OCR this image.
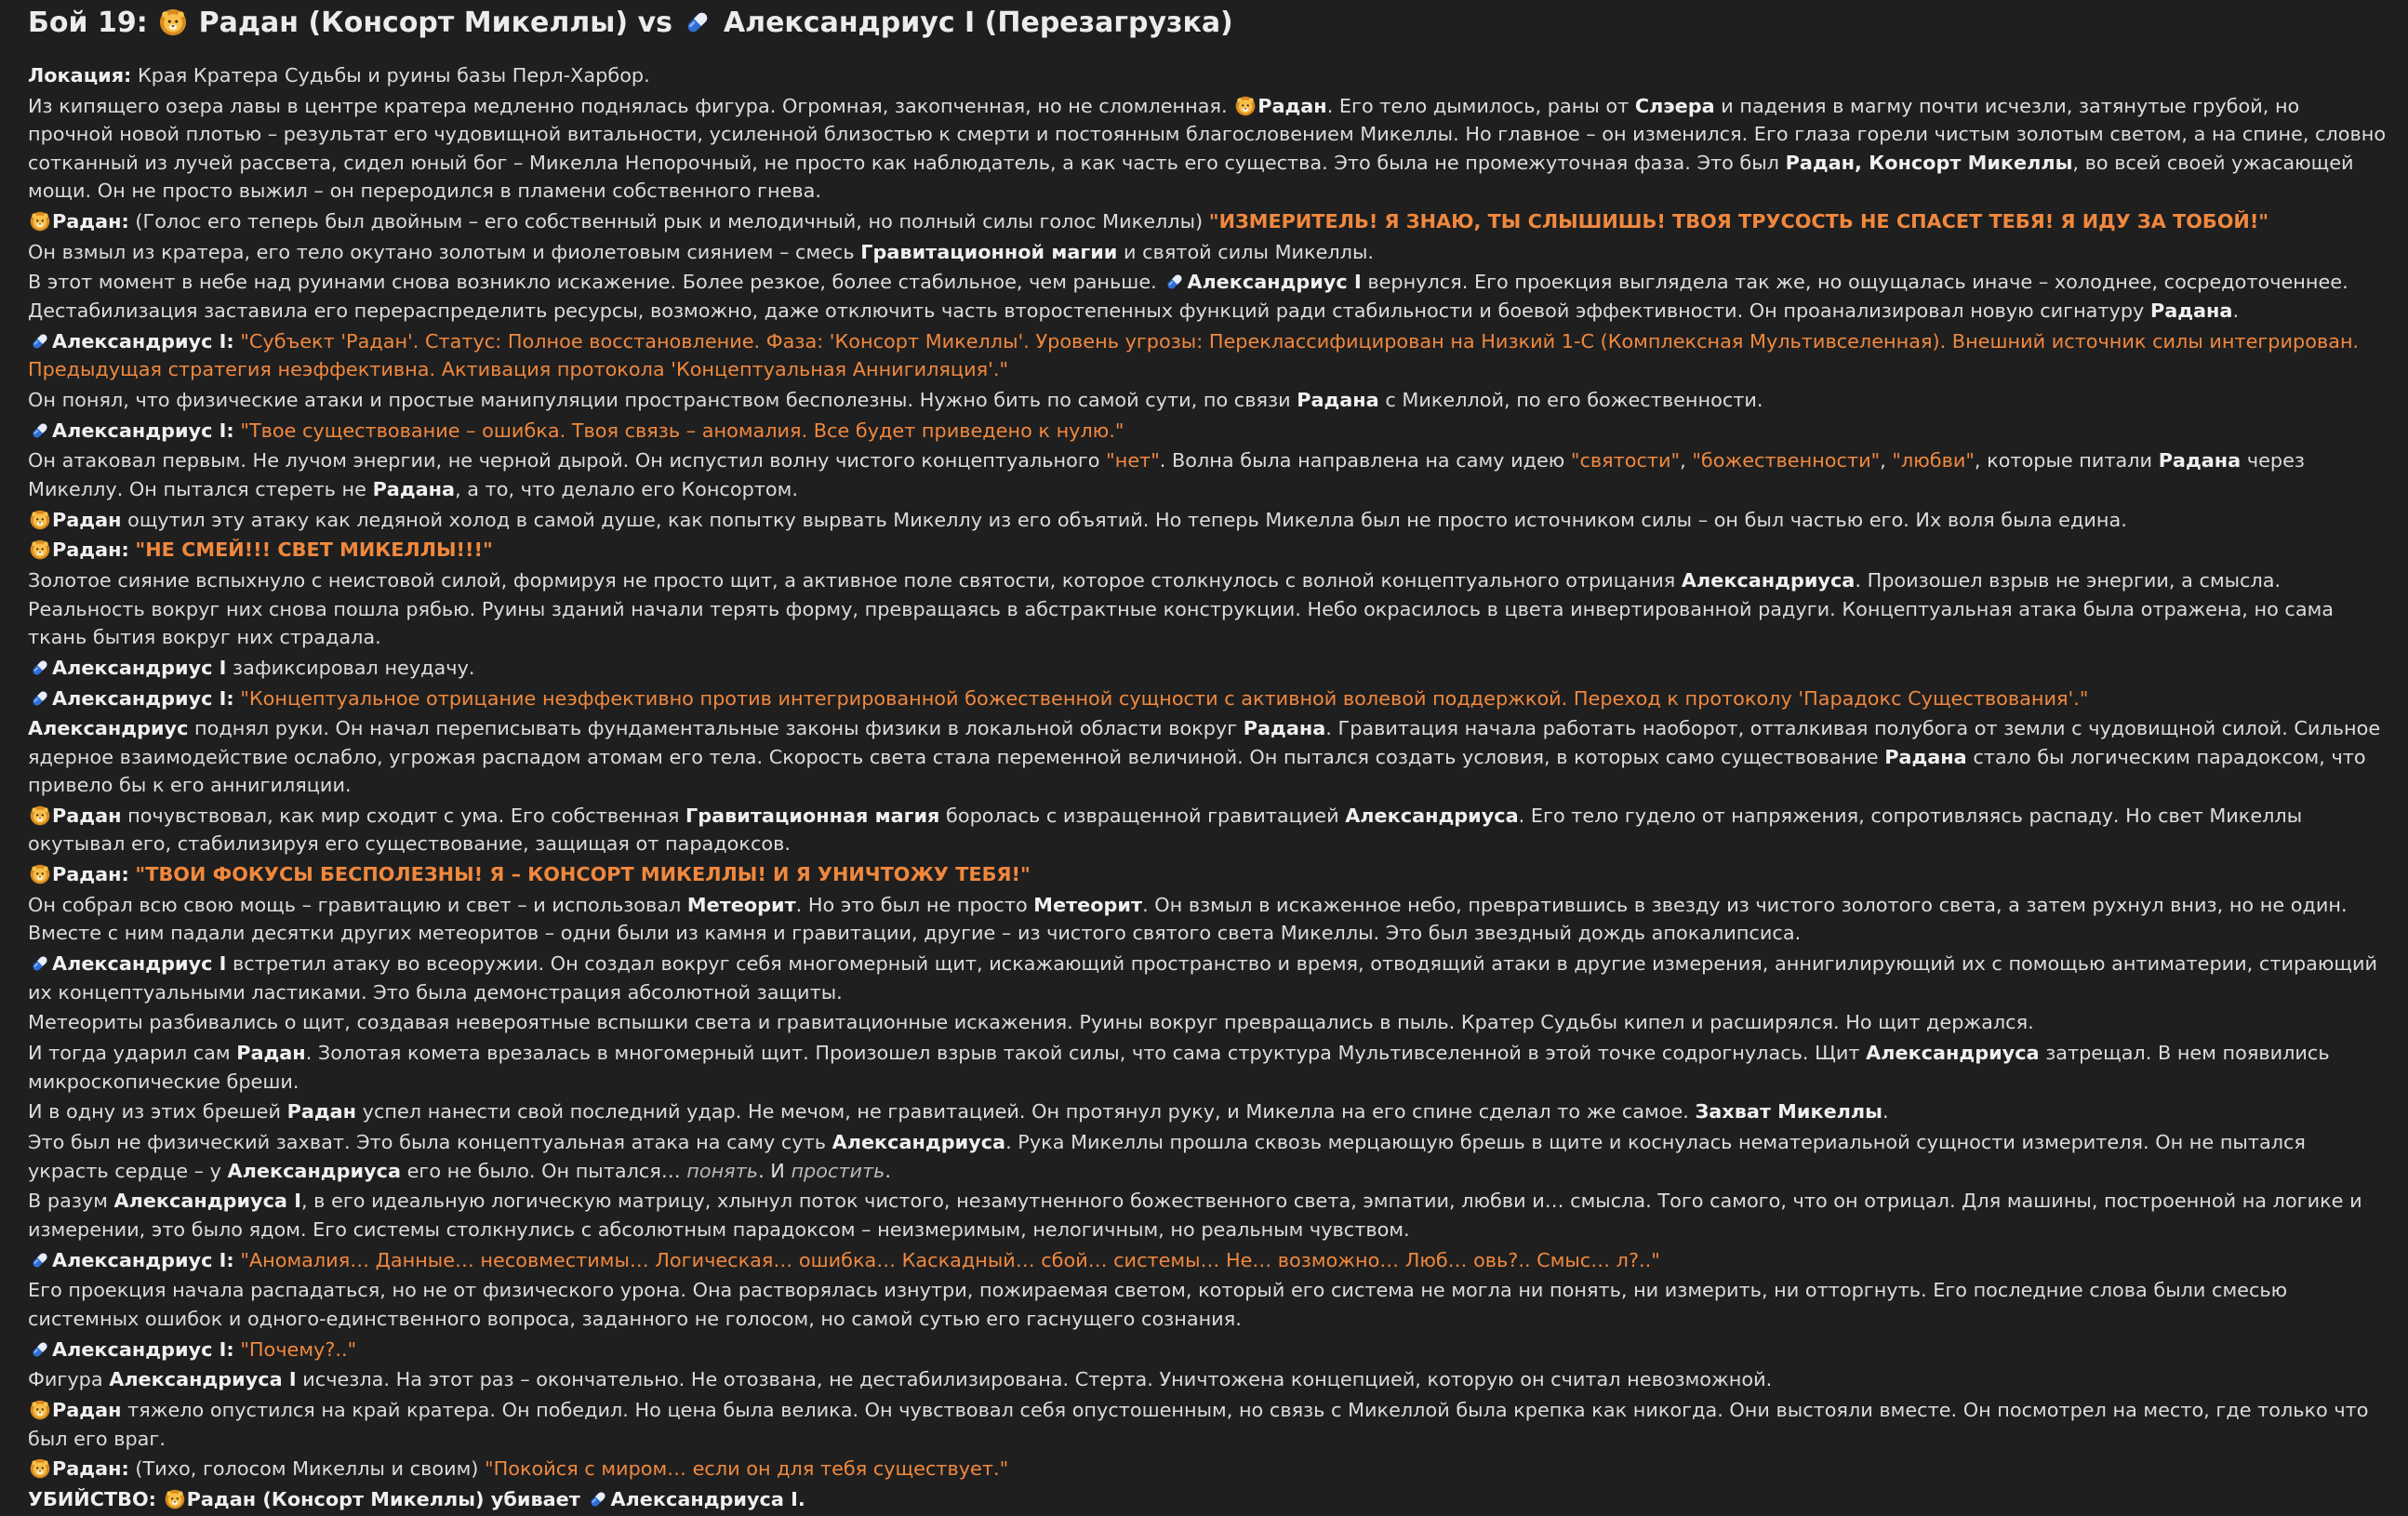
Бой 19: Радан (Консорт Микеллы) vs Александриус I (Перезагрузка)

Локация: Края Кратера Судьбы и руины базы Перл-Харбор.

Из кипящего озера лавы в центре кратера медленно поднялась фигура. Огромная, закопченная, но не сломленная. Радан. Его тело дымилось, раны от Слэера и падения в магму почти исчезли, затянутые грубой, но прочной новой плотью – результат его чудовищной витальности, усиленной близостью к смерти и постоянным благословением Микеллы. Но главное – он изменился. Его глаза горели чистым золотым светом, а на спине, словно сотканный из лучей рассвета, сидел юный бог – Микелла Непорочный, не просто как наблюдатель, а как часть его существа. Это была не промежуточная фаза. Это был Радан, Консорт Микеллы, во всей своей ужасающей мощи. Он не просто выжил – он переродился в пламени собственного гнева.

Радан: (Голос его теперь был двойным – его собственный рык и мелодичный, но полный силы голос Микеллы) "ИЗМЕРИТЕЛЬ! Я ЗНАЮ, ТЫ СЛЫШИШЬ! ТВОЯ ТРУСОСТЬ НЕ СПАСЕТ ТЕБЯ! Я ИДУ ЗА ТОБОЙ!"

Он взмыл из кратера, его тело окутано золотым и фиолетовым сиянием – смесь Гравитационной магии и святой силы Микеллы.

В этот момент в небе над руинами снова возникло искажение. Более резкое, более стабильное, чем раньше. Александриус I вернулся. Его проекция выглядела так же, но ощущалась иначе – холоднее, сосредоточеннее. Дестабилизация заставила его перераспределить ресурсы, возможно, даже отключить часть второстепенных функций ради стабильности и боевой эффективности. Он проанализировал новую сигнатуру Радана.

Александриус I: "Субъект 'Радан'. Статус: Полное восстановление. Фаза: 'Консорт Микеллы'. Уровень угрозы: Переклассифицирован на Низкий 1-С (Комплексная Мультивселенная). Внешний источник силы интегрирован. Предыдущая стратегия неэффективна. Активация протокола 'Концептуальная Аннигиляция'."

Он понял, что физические атаки и простые манипуляции пространством бесполезны. Нужно бить по самой сути, по связи Радана с Микеллой, по его божественности.

Александриус I: "Твое существование – ошибка. Твоя связь – аномалия. Все будет приведено к нулю."

Он атаковал первым. Не лучом энергии, не черной дырой. Он испустил волну чистого концептуального "нет". Волна была направлена на саму идею "святости", "божественности", "любви", которые питали Радана через Микеллу. Он пытался стереть не Радана, а то, что делало его Консортом.

Радан ощутил эту атаку как ледяной холод в самой душе, как попытку вырвать Микеллу из его объятий. Но теперь Микелла был не просто источником силы – он был частью его. Их воля была едина.

Радан: "НЕ СМЕЙ!!! СВЕТ МИКЕЛЛЫ!!!"

Золотое сияние вспыхнуло с неистовой силой, формируя не просто щит, а активное поле святости, которое столкнулось с волной концептуального отрицания Александриуса. Произошел взрыв не энергии, а смысла. Реальность вокруг них снова пошла рябью. Руины зданий начали терять форму, превращаясь в абстрактные конструкции. Небо окрасилось в цвета инвертированной радуги. Концептуальная атака была отражена, но сама ткань бытия вокруг них страдала.

Александриус I зафиксировал неудачу.

Александриус I: "Концептуальное отрицание неэффективно против интегрированной божественной сущности с активной волевой поддержкой. Переход к протоколу 'Парадокс Существования'."

Александриус поднял руки. Он начал переписывать фундаментальные законы физики в локальной области вокруг Радана. Гравитация начала работать наоборот, отталкивая полубога от земли с чудовищной силой. Сильное ядерное взаимодействие ослабло, угрожая распадом атомам его тела. Скорость света стала переменной величиной. Он пытался создать условия, в которых само существование Радана стало бы логическим парадоксом, что привело бы к его аннигиляции.

Радан почувствовал, как мир сходит с ума. Его собственная Гравитационная магия боролась с извращенной гравитацией Александриуса. Его тело гудело от напряжения, сопротивляясь распаду. Но свет Микеллы окутывал его, стабилизируя его существование, защищая от парадоксов.

Радан: "ТВОИ ФОКУСЫ БЕСПОЛЕЗНЫ! Я – КОНСОРТ МИКЕЛЛЫ! И Я УНИЧТОЖУ ТЕБЯ!"

Он собрал всю свою мощь – гравитацию и свет – и использовал Метеорит. Но это был не просто Метеорит. Он взмыл в искаженное небо, превратившись в звезду из чистого золотого света, а затем рухнул вниз, но не один. Вместе с ним падали десятки других метеоритов – одни были из камня и гравитации, другие – из чистого святого света Микеллы. Это был звездный дождь апокалипсиса.

Александриус I встретил атаку во всеоружии. Он создал вокруг себя многомерный щит, искажающий пространство и время, отводящий атаки в другие измерения, аннигилирующий их с помощью антиматерии, стирающий их концептуальными ластиками. Это была демонстрация абсолютной защиты.

Метеориты разбивались о щит, создавая невероятные вспышки света и гравитационные искажения. Руины вокруг превращались в пыль. Кратер Судьбы кипел и расширялся. Но щит держался.

И тогда ударил сам Радан. Золотая комета врезалась в многомерный щит. Произошел взрыв такой силы, что сама структура Мультивселенной в этой точке содрогнулась. Щит Александриуса затрещал. В нем появились микроскопические бреши.

И в одну из этих брешей Радан успел нанести свой последний удар. Не мечом, не гравитацией. Он протянул руку, и Микелла на его спине сделал то же самое. Захват Микеллы.

Это был не физический захват. Это была концептуальная атака на саму суть Александриуса. Рука Микеллы прошла сквозь мерцающую брешь в щите и коснулась нематериальной сущности измерителя. Он не пытался украсть сердце – у Александриуса его не было. Он пытался… понять. И простить.

В разум Александриуса I, в его идеальную логическую матрицу, хлынул поток чистого, незамутненного божественного света, эмпатии, любви и… смысла. Того самого, что он отрицал. Для машины, построенной на логике и измерении, это было ядом. Его системы столкнулись с абсолютным парадоксом – неизмеримым, нелогичным, но реальным чувством.

Александриус I: "Аномалия… Данные… несовместимы… Логическая… ошибка… Каскадный… сбой… системы… Не… возможно… Люб… овь?.. Смыс… л?.."

Его проекция начала распадаться, но не от физического урона. Она растворялась изнутри, пожираемая светом, который его система не могла ни понять, ни измерить, ни отторгнуть. Его последние слова были смесью системных ошибок и одного-единственного вопроса, заданного не голосом, но самой сутью его гаснущего сознания.

Александриус I: "Почему?.."

Фигура Александриуса I исчезла. На этот раз – окончательно. Не отозвана, не дестабилизирована. Стерта. Уничтожена концепцией, которую он считал невозможной.

Радан тяжело опустился на край кратера. Он победил. Но цена была велика. Он чувствовал себя опустошенным, но связь с Микеллой была крепка как никогда. Они выстояли вместе. Он посмотрел на место, где только что был его враг.

Радан: (Тихо, голосом Микеллы и своим) "Покойся с миром… если он для тебя существует."

УБИЙСТВО: Радан (Консорт Микеллы) убивает Александриуса I.
